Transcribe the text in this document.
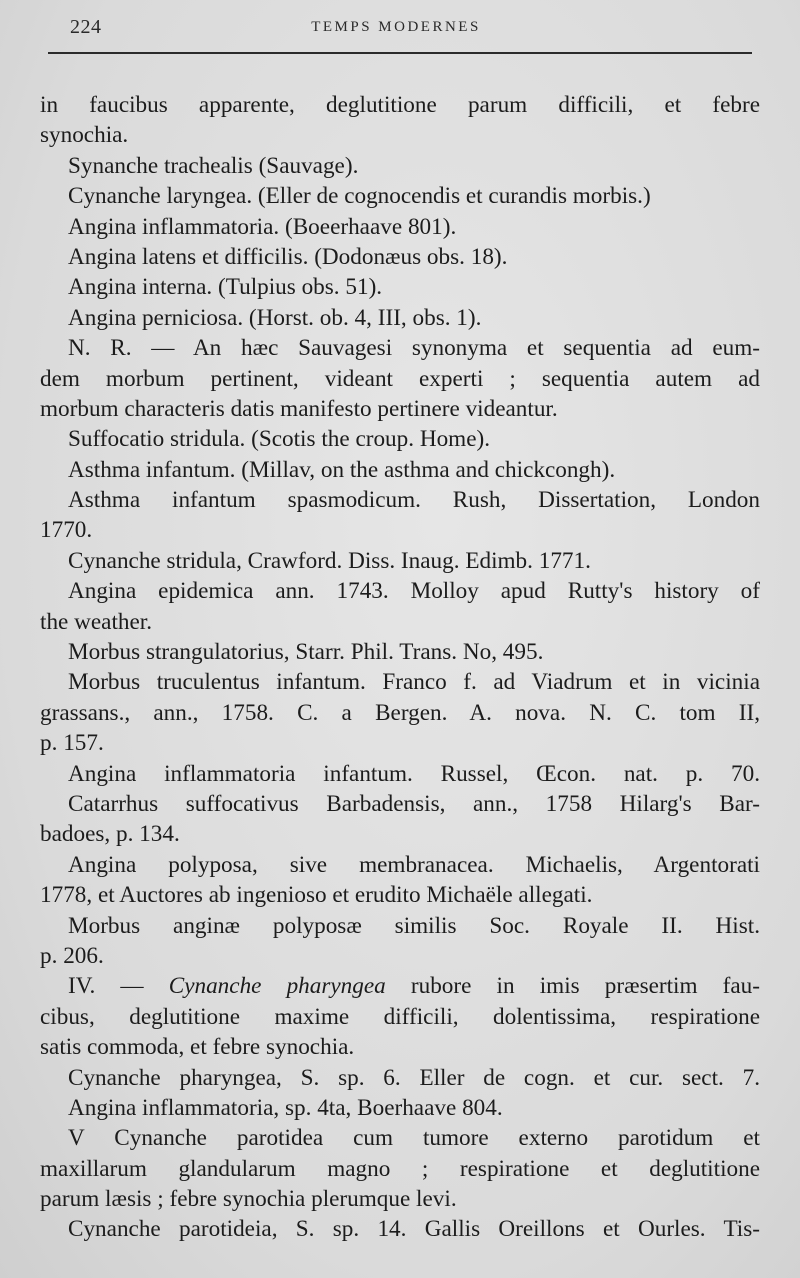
224	TEMPS MODERNES
in faucibus apparente, deglutitione parum difficili, et febre
synochia.
Synanche trachealis (Sauvage).
Cynanche laryngea. (Eller de cognocendis et curandis morbis.)
Angina inflammatoria. (Boeerhaave 801).
Angina latens et difficilis. (Dodonæus obs. 18).
Angina interna. (Tulpius obs. 51).
Angina perniciosa. (Horst. ob. 4, III, obs. 1).
N. R. — An hæc Sauvagesi synonyma et sequentia ad eum-
dem morbum pertinent, videant experti ; sequentia autem ad
morbum characteris datis manifesto pertinere videantur.
Suffocatio stridula. (Scotis the croup. Home).
Asthma infantum. (Millav, on the asthma and chickcongh).
Asthma infantum spasmodicum. Rush, Dissertation, London
1770.
Cynanche stridula, Crawford. Diss. Inaug. Edimb. 1771.
Angina epidemica ann. 1743. Molloy apud Rutty's history of
the weather.
Morbus strangulatorius, Starr. Phil. Trans. No, 495.
Morbus truculentus infantum. Franco f. ad Viadrum et in vicinia
grassans., ann., 1758. C. a Bergen. A. nova. N. C. tom II,
p. 157.
Angina inflammatoria infantum. Russel, Œcon. nat. p. 70.
Catarrhus suffocativus Barbadensis, ann., 1758 Hilarg's Bar-
badoes, p. 134.
Angina polyposa, sive membranacea. Michaelis, Argentorati
1778, et Auctores ab ingenioso et erudito Michaële allegati.
Morbus anginæ polyposæ similis Soc. Royale II. Hist.
p. 206.
IV. — Cynanche pharyngea rubore in imis præsertim fau-
cibus, deglutitione maxime difficili, dolentissima, respiratione
satis commoda, et febre synochia.
Cynanche pharyngea, S. sp. 6. Eller de cogn. et cur. sect. 7.
Angina inflammatoria, sp. 4ta, Boerhaave 804.
V Cynanche parotidea cum tumore externo parotidum et
maxillarum glandularum magno ; respiratione et deglutitione
parum læsis ; febre synochia plerumque levi.
Cynanche parotideia, S. sp. 14. Gallis Oreillons et Ourles. Tis-
